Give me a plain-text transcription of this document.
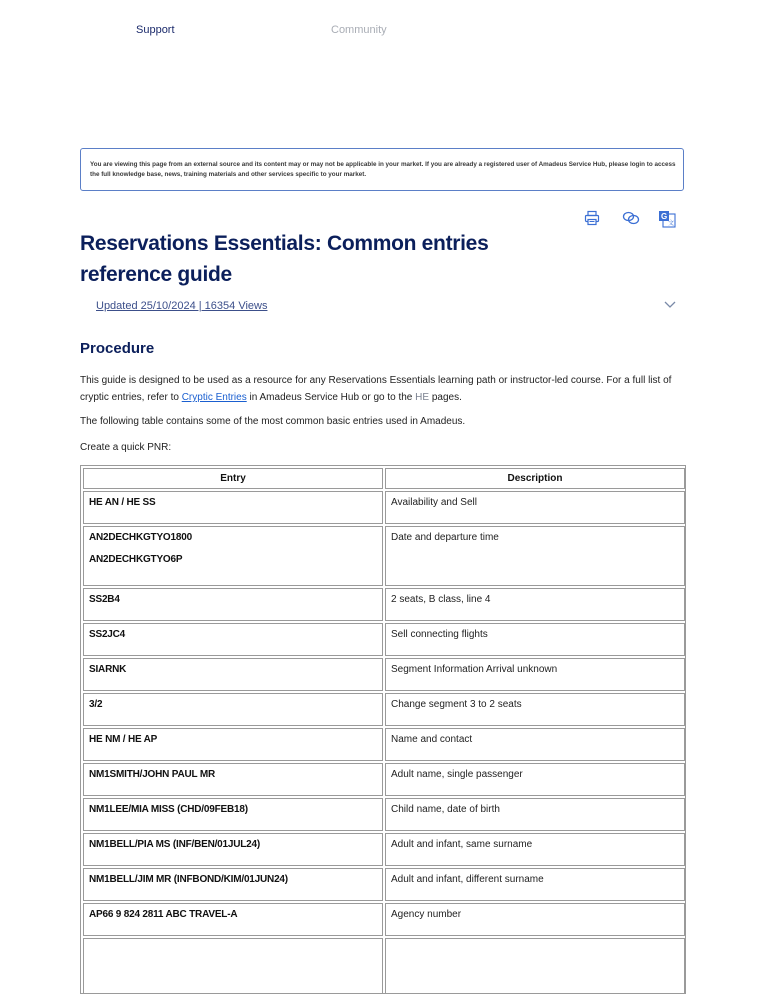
Support	Community
You are viewing this page from an external source and its content may or may not be applicable in your market. If you are already a registered user of Amadeus Service Hub, please login to access the full knowledge base, news, training materials and other services specific to your market.
G
文
Reservations Essentials: Common entries reference guide
Updated 25/10/2024 | 16354 Views
Procedure

This guide is designed to be used as a resource for any Reservations Essentials learning path or instructor-led course. For a full list of cryptic entries, refer to Cryptic Entries in Amadeus Service Hub or go to the HE pages.

The following table contains some of the most common basic entries used in Amadeus.

Create a quick PNR:

Entry	Description
HE AN / HE SS	Availability and Sell
AN2DECHKGTYO1800
AN2DECHKGTYO6P	Date and departure time
SS2B4	2 seats, B class, line 4
SS2JC4	Sell connecting flights
SIARNK	Segment Information Arrival unknown
3/2	Change segment 3 to 2 seats
HE NM / HE AP	Name and contact
NM1SMITH/JOHN PAUL MR	Adult name, single passenger
NM1LEE/MIA MISS (CHD/09FEB18)	Child name, date of birth
NM1BELL/PIA MS (INF/BEN/01JUL24)	Adult and infant, same surname
NM1BELL/JIM MR (INFBOND/KIM/01JUN24)	Adult and infant, different surname
AP66 9 824 2811 ABC TRAVEL-A	Agency number
